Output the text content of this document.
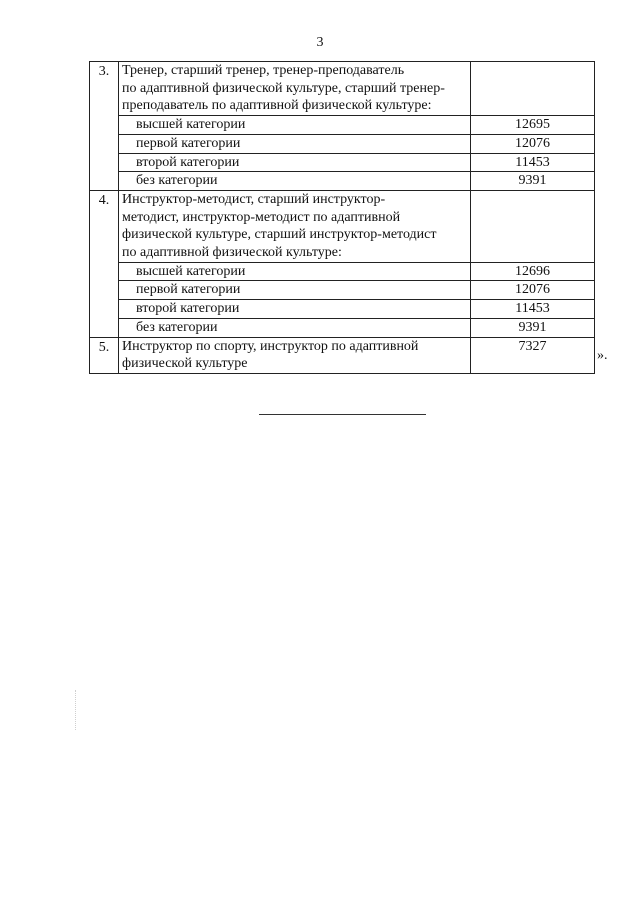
3
3.	Тренер, старший тренер, тренер-преподаватель
по адаптивной физической культуре, старший тренер-
преподаватель по адаптивной физической культуре:	

	высшей категории	12695
	первой категории	12076
	второй категории	11453
	без категории	9391
4.	Инструктор-методист, старший инструктор-
методист, инструктор-методист по адаптивной
физической культуре, старший инструктор-методист
по адаптивной физической культуре:	

	высшей категории	12696
	первой категории	12076
	второй категории	11453
	без категории	9391
5.	Инструктор по спорту, инструктор по адаптивной
физической культуре	7327
».
